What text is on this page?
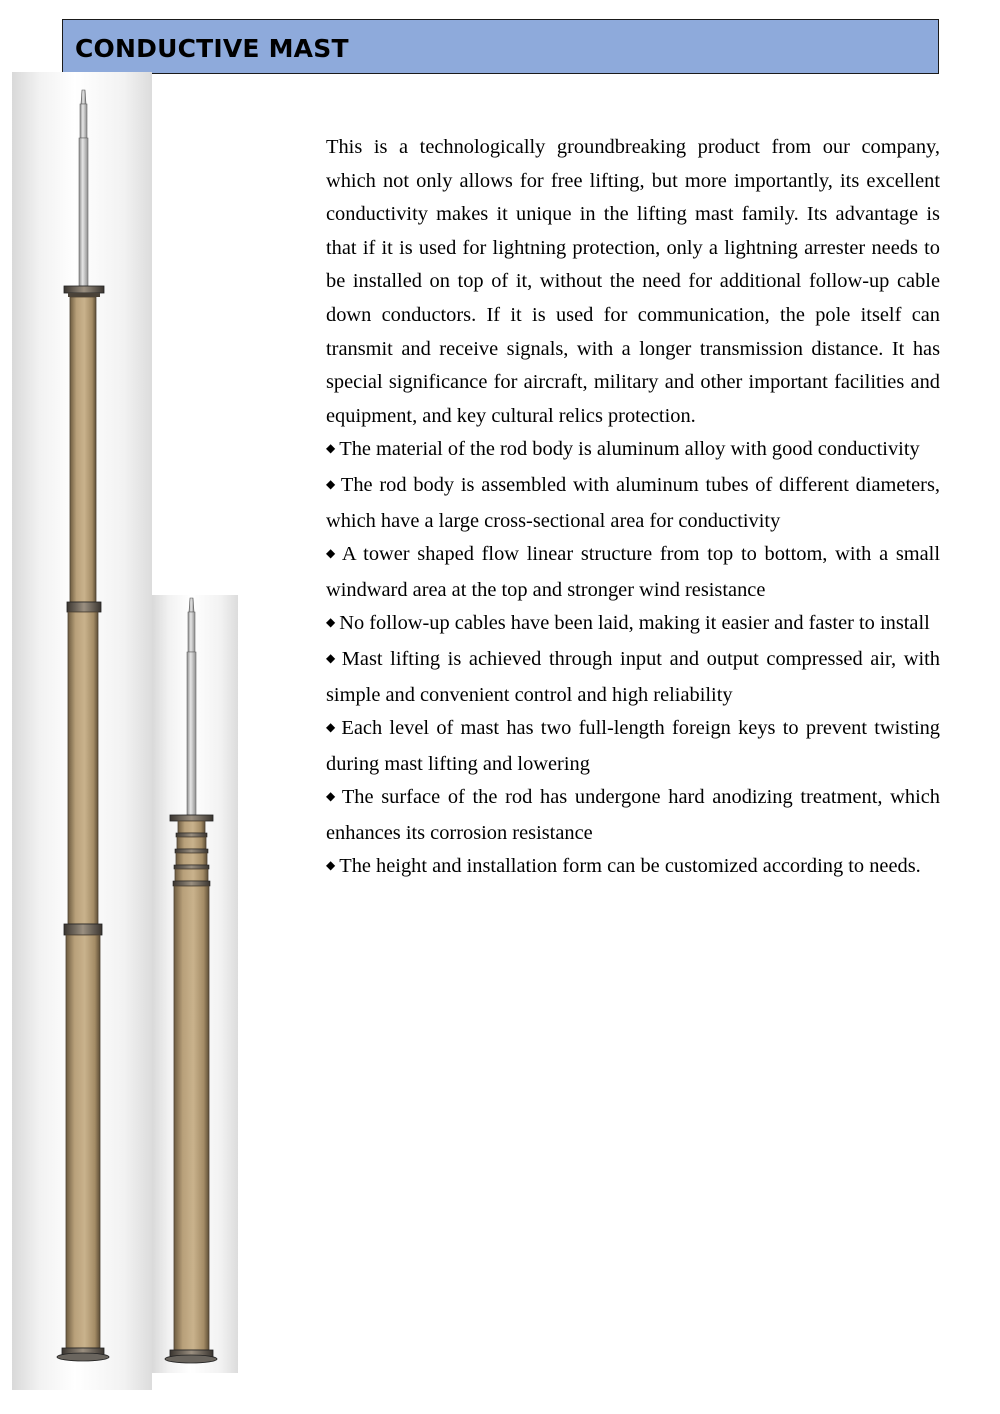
CONDUCTIVE MAST

This is a technologically groundbreaking product from our company, which not only allows for free lifting, but more importantly, its excellent conductivity makes it unique in the lifting mast family. Its advantage is that if it is used for lightning protection, only a lightning arrester needs to be installed on top of it, without the need for additional follow-up cable down conductors. If it is used for communication, the pole itself can transmit and receive signals, with a longer transmission distance. It has special significance for aircraft, military and other important facilities and equipment, and key cultural relics protection.

◆ The material of the rod body is aluminum alloy with good conductivity

◆ The rod body is assembled with aluminum tubes of different diameters, which have a large cross-sectional area for conductivity

◆ A tower shaped flow linear structure from top to bottom, with a small windward area at the top and stronger wind resistance

◆ No follow-up cables have been laid, making it easier and faster to install

◆ Mast lifting is achieved through input and output compressed air, with simple and convenient control and high reliability

◆ Each level of mast has two full-length foreign keys to prevent twisting during mast lifting and lowering

◆ The surface of the rod has undergone hard anodizing treatment, which enhances its corrosion resistance

◆ The height and installation form can be customized according to needs.
